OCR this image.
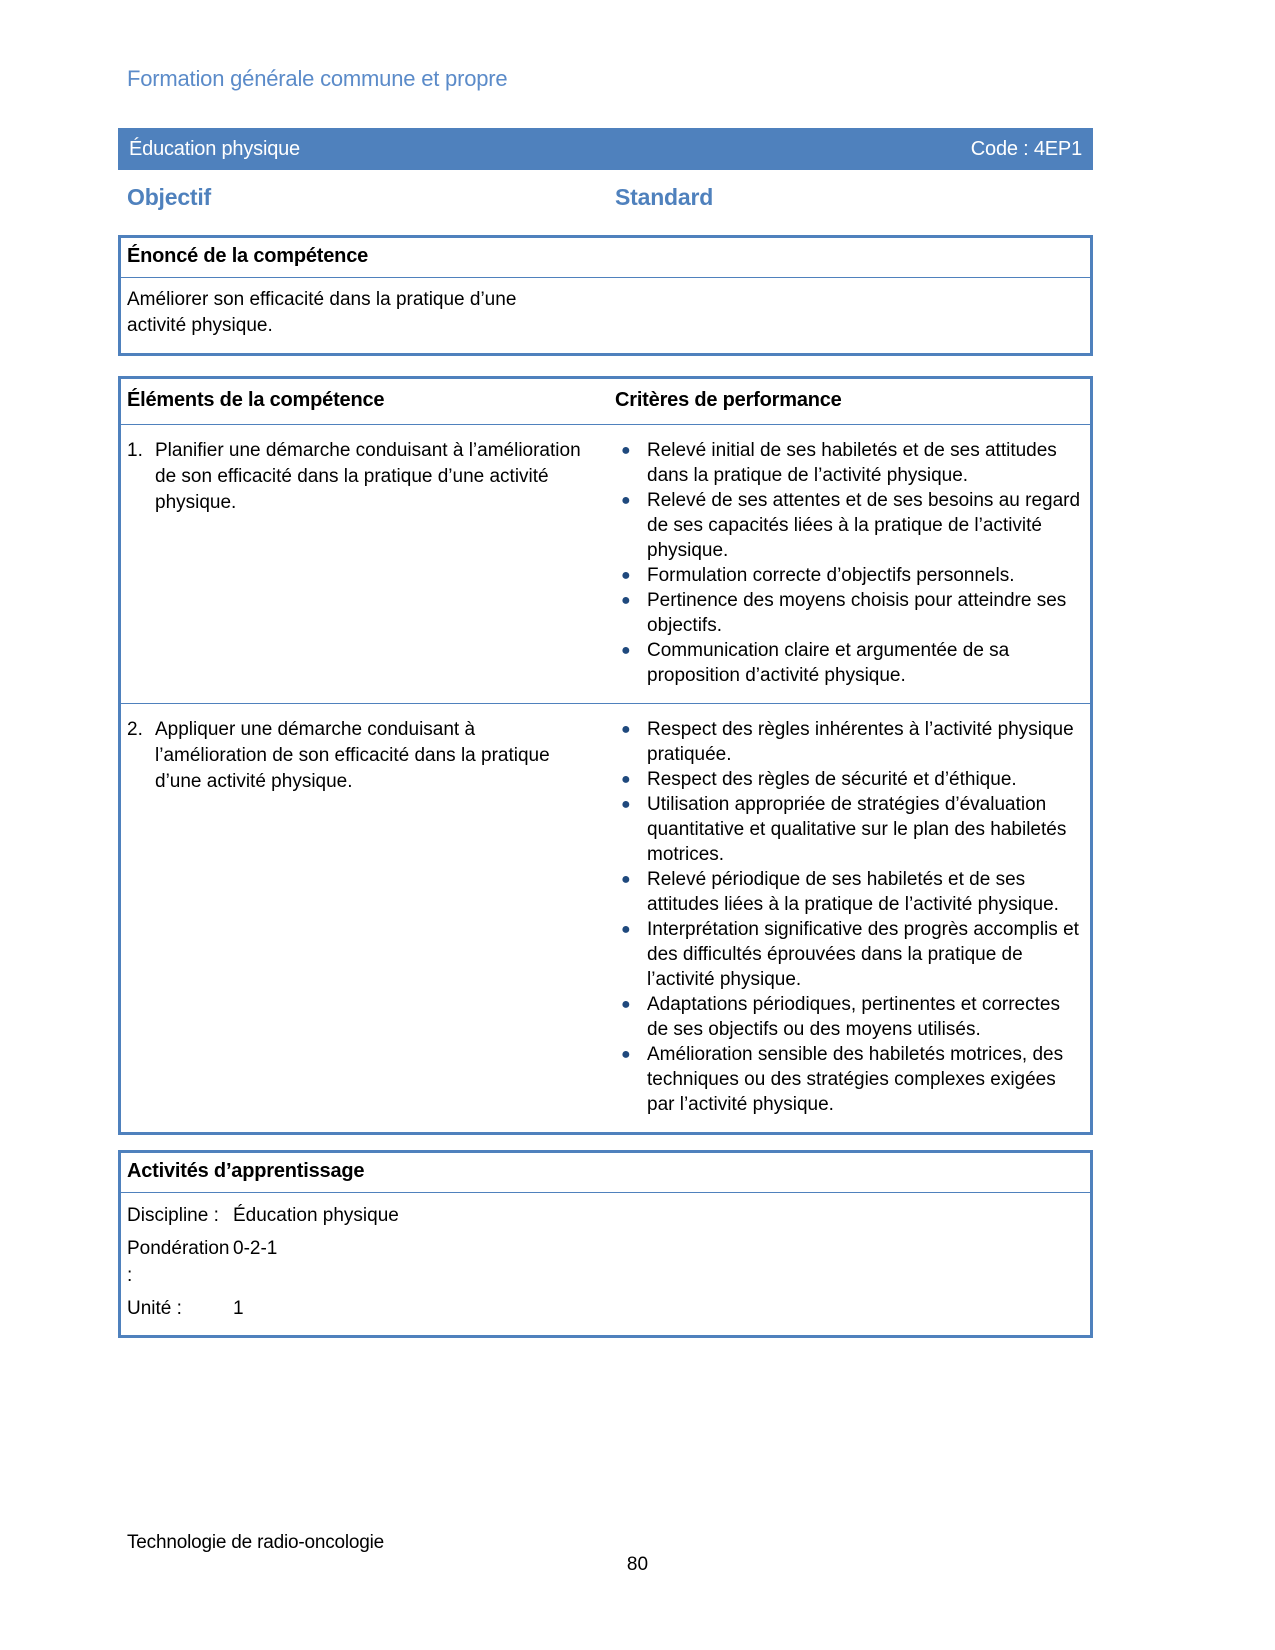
Formation générale commune et propre
Éducation physique	Code : 4EP1
Objectif	Standard
Énoncé de la compétence
Améliorer son efficacité dans la pratique d’une activité physique.
Éléments de la compétence	Critères de performance
1. Planifier une démarche conduisant à l’amélioration de son efficacité dans la pratique d’une activité physique.
● Relevé initial de ses habiletés et de ses attitudes dans la pratique de l’activité physique.
● Relevé de ses attentes et de ses besoins au regard de ses capacités liées à la pratique de l’activité physique.
● Formulation correcte d’objectifs personnels.
● Pertinence des moyens choisis pour atteindre ses objectifs.
● Communication claire et argumentée de sa proposition d’activité physique.
2. Appliquer une démarche conduisant à l’amélioration de son efficacité dans la pratique d’une activité physique.
● Respect des règles inhérentes à l’activité physique pratiquée.
● Respect des règles de sécurité et d’éthique.
● Utilisation appropriée de stratégies d’évaluation quantitative et qualitative sur le plan des habiletés motrices.
● Relevé périodique de ses habiletés et de ses attitudes liées à la pratique de l’activité physique.
● Interprétation significative des progrès accomplis et des difficultés éprouvées dans la pratique de l’activité physique.
● Adaptations périodiques, pertinentes et correctes de ses objectifs ou des moyens utilisés.
● Amélioration sensible des habiletés motrices, des techniques ou des stratégies complexes exigées par l’activité physique.
Activités d’apprentissage
Discipline : Éducation physique
Pondération :
0-2-1
Unité :	1
Technologie de radio-oncologie
80
